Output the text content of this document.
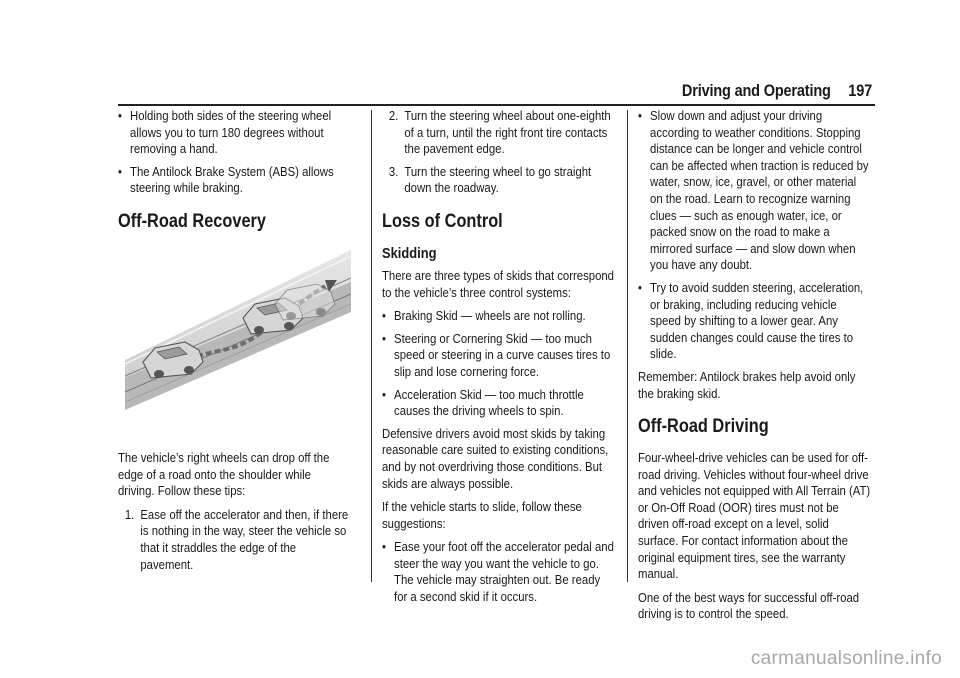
Driving and Operating 197
• Holding both sides of the steering wheel allows you to turn 180 degrees without removing a hand.
• The Antilock Brake System (ABS) allows steering while braking.
Off-Road Recovery

The vehicle’s right wheels can drop off the edge of a road onto the shoulder while driving. Follow these tips:

1. Ease off the accelerator and then, if there is nothing in the way, steer the vehicle so that it straddles the edge of the pavement.
2. Turn the steering wheel about one-eighth of a turn, until the right front tire contacts the pavement edge.
3. Turn the steering wheel to go straight down the roadway.
Loss of Control
Skidding

There are three types of skids that correspond to the vehicle’s three control systems:

• Braking Skid — wheels are not rolling.
• Steering or Cornering Skid — too much speed or steering in a curve causes tires to slip and lose cornering force.
• Acceleration Skid — too much throttle causes the driving wheels to spin.

Defensive drivers avoid most skids by taking reasonable care suited to existing conditions, and by not overdriving those conditions. But skids are always possible.

If the vehicle starts to slide, follow these suggestions:

• Ease your foot off the accelerator pedal and steer the way you want the vehicle to go. The vehicle may straighten out. Be ready for a second skid if it occurs.
• Slow down and adjust your driving according to weather conditions. Stopping distance can be longer and vehicle control can be affected when traction is reduced by water, snow, ice, gravel, or other material on the road. Learn to recognize warning clues — such as enough water, ice, or packed snow on the road to make a mirrored surface — and slow down when you have any doubt.
• Try to avoid sudden steering, acceleration, or braking, including reducing vehicle speed by shifting to a lower gear. Any sudden changes could cause the tires to slide.

Remember: Antilock brakes help avoid only the braking skid.

Off-Road Driving

Four-wheel-drive vehicles can be used for off-road driving. Vehicles without four-wheel drive and vehicles not equipped with All Terrain (AT) or On-Off Road (OOR) tires must not be driven off-road except on a level, solid surface. For contact information about the original equipment tires, see the warranty manual.

One of the best ways for successful off-road driving is to control the speed.

carmanualsonline.info
